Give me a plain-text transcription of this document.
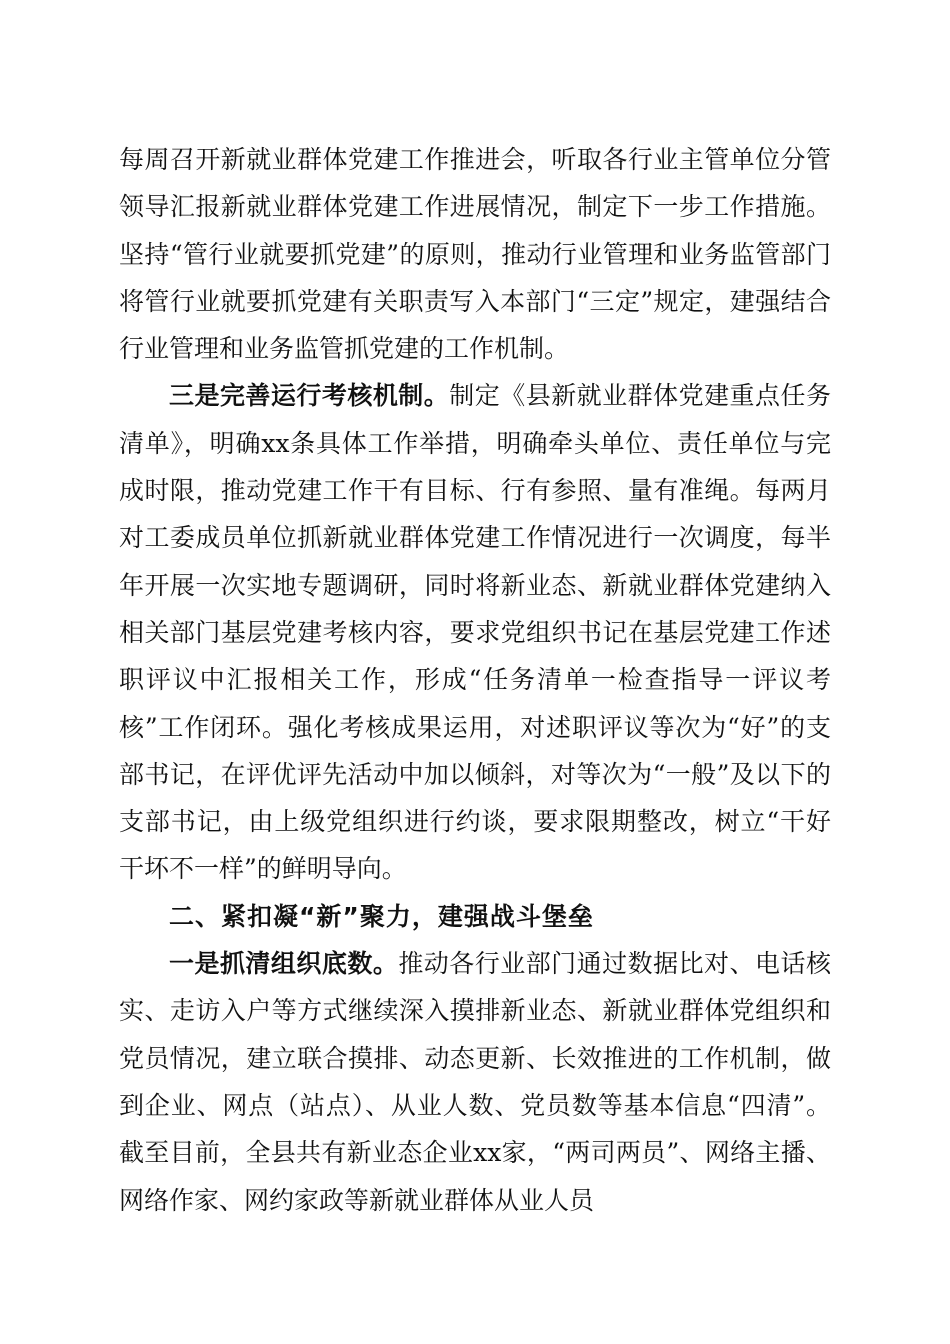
每周召开新就业群体党建工作推进会，听取各行业主管单位分管领导汇报新就业群体党建工作进展情况，制定下一步工作措施。坚持“管行业就要抓党建”的原则，推动行业管理和业务监管部门将管行业就要抓党建有关职责写入本部门“三定”规定，建强结合行业管理和业务监管抓党建的工作机制。

三是完善运行考核机制。制定《县新就业群体党建重点任务清单》，明确xx条具体工作举措，明确牵头单位、责任单位与完成时限，推动党建工作干有目标、行有参照、量有准绳。每两月对工委成员单位抓新就业群体党建工作情况进行一次调度，每半年开展一次实地专题调研，同时将新业态、新就业群体党建纳入相关部门基层党建考核内容，要求党组织书记在基层党建工作述职评议中汇报相关工作，形成“任务清单一检查指导一评议考核”工作闭环。强化考核成果运用，对述职评议等次为“好”的支部书记，在评优评先活动中加以倾斜，对等次为“一般”及以下的支部书记，由上级党组织进行约谈，要求限期整改，树立“干好干坏不一样”的鲜明导向。

二、紧扣凝“新”聚力，建强战斗堡垒

一是抓清组织底数。推动各行业部门通过数据比对、电话核实、走访入户等方式继续深入摸排新业态、新就业群体党组织和党员情况，建立联合摸排、动态更新、长效推进的工作机制，做到企业、网点（站点）、从业人数、党员数等基本信息“四清”。截至目前，全县共有新业态企业xx家，“两司两员”、网络主播、网络作家、网约家政等新就业群体从业人员
